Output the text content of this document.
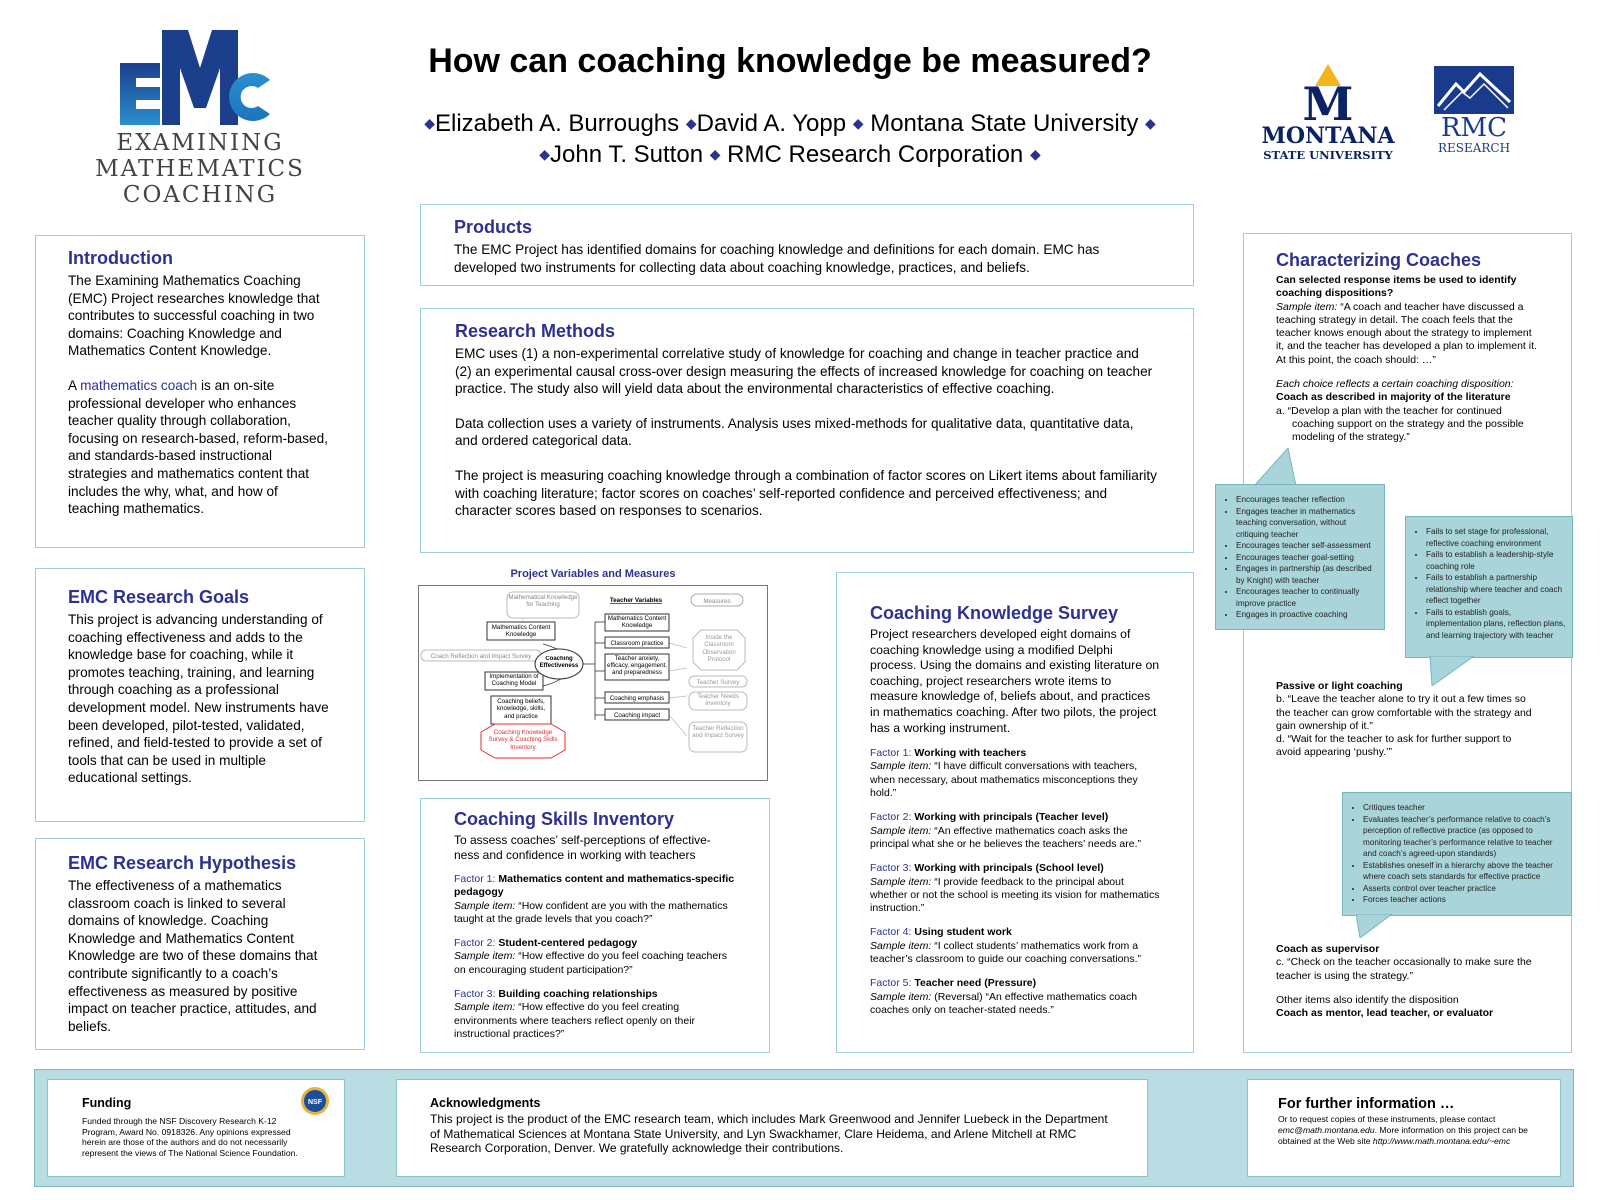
EXAMINING
MATHEMATICS
COACHING
How can coaching knowledge be measured?
◆Elizabeth A. Burroughs ◆David A. Yopp ◆ Montana State University ◆
◆John T. Sutton ◆ RMC Research Corporation ◆
M
MONTANA
STATE UNIVERSITY
RMC
RESEARCH
Introduction

The Examining Mathematics Coaching (EMC) Project researches knowledge that contributes to successful coaching in two domains: Coaching Knowledge and Mathematics Content Knowledge.

A mathematics coach is an on-site professional developer who enhances teacher quality through collaboration, focusing on research-based, reform-based, and standards-based instructional strategies and mathematics content that includes the why, what, and how of teaching mathematics.

EMC Research Goals

This project is advancing understanding of coaching effectiveness and adds to the knowledge base for coaching, while it promotes teaching, training, and learning through coaching as a professional development model. New instruments have been developed, pilot-tested, validated, refined, and field-tested to provide a set of tools that can be used in multiple educational settings.

EMC Research Hypothesis

The effectiveness of a mathematics classroom coach is linked to several domains of knowledge. Coaching Knowledge and Mathematics Content Knowledge are two of these domains that contribute significantly to a coach’s effectiveness as measured by positive impact on teacher practice, attitudes, and beliefs.

Products

The EMC Project has identified domains for coaching knowledge and definitions for each domain. EMC has developed two instruments for collecting data about coaching knowledge, practices, and beliefs.

Research Methods

EMC uses (1) a non-experimental correlative study of knowledge for coaching and change in teacher practice and (2) an experimental causal cross-over design measuring the effects of increased knowledge for coaching on teacher practice. The study also will yield data about the environmental characteristics of effective coaching.

Data collection uses a variety of instruments. Analysis uses mixed-methods for qualitative data, quantitative data, and ordered categorical data.

The project is measuring coaching knowledge through a combination of factor scores on Likert items about familiarity with coaching literature; factor scores on coaches’ self-reported confidence and perceived effectiveness; and character scores based on responses to scenarios.

Project Variables and Measures
Teacher Variables	Measures
Mathematical Knowledge for Teaching
Mathematics Content Knowledge
Coach Reflection and Impact Survey
Implementation of Coaching Model
Coaching Effectiveness
Coaching beliefs, knowledge, skills, and practice
Coaching Knowledge Survey & Coaching Skills Inventory
Mathematics Content Knowledge
Classroom practice
Teacher anxiety, efficacy, engagement, and preparedness
Coaching emphasis
Coaching impact
Inside the Classroom Observation Protocol
Teacher Survey
Teacher Needs Inventory
Teacher Reflection and Impact Survey
Coaching Skills Inventory

To assess coaches’ self-perceptions of effective-ness and confidence in working with teachers

Factor 1: Mathematics content and mathematics-specific pedagogy
Sample item: “How confident are you with the mathematics taught at the grade levels that you coach?”
Factor 2: Student-centered pedagogy
Sample item: “How effective do you feel coaching teachers on encouraging student participation?”
Factor 3: Building coaching relationships
Sample item: “How effective do you feel creating environments where teachers reflect openly on their instructional practices?”
Coaching Knowledge Survey

Project researchers developed eight domains of coaching knowledge using a modified Delphi process. Using the domains and existing literature on coaching, project researchers wrote items to measure knowledge of, beliefs about, and practices in mathematics coaching. After two pilots, the project has a working instrument.

Factor 1: Working with teachers
Sample item: “I have difficult conversations with teachers, when necessary, about mathematics misconceptions they hold.”
Factor 2: Working with principals (Teacher level)
Sample item: “An effective mathematics coach asks the principal what she or he believes the teachers’ needs are.”
Factor 3: Working with principals (School level)
Sample item: “I provide feedback to the principal about whether or not the school is meeting its vision for mathematics instruction.”
Factor 4: Using student work
Sample item: “I collect students’ mathematics work from a teacher’s classroom to guide our coaching conversations.”
Factor 5: Teacher need (Pressure)
Sample item: (Reversal) “An effective mathematics coach coaches only on teacher-stated needs.”
Characterizing Coaches

Can selected response items be used to identify coaching dispositions?

Sample item: “A coach and teacher have discussed a teaching strategy in detail. The coach feels that the teacher knows enough about the strategy to implement it, and the teacher has developed a plan to implement it. At this point, the coach should: …”

Each choice reflects a certain coaching disposition:

Coach as described in majority of the literature

a. “Develop a plan with the teacher for continued coaching support on the strategy and the possible modeling of the strategy.”

• Encourages teacher reflection
• Engages teacher in mathematics teaching conversation, without critiquing teacher
• Encourages teacher self-assessment
• Encourages teacher goal-setting
• Engages in partnership (as described by Knight) with teacher
• Encourages teacher to continually improve practice
• Engages in proactive coaching
• Fails to set stage for professional, reflective coaching environment
• Fails to establish a leadership-style coaching role
• Fails to establish a partnership relationship where teacher and coach reflect together
• Fails to establish goals, implementation plans, reflection plans, and learning trajectory with teacher

Passive or light coaching

b. “Leave the teacher alone to try it out a few times so the teacher can grow comfortable with the strategy and gain ownership of it.”

d. “Wait for the teacher to ask for further support to avoid appearing ‘pushy.’”

• Critiques teacher
• Evaluates teacher’s performance relative to coach’s perception of reflective practice (as opposed to monitoring teacher’s performance relative to teacher and coach’s agreed-upon standards)
• Establishes oneself in a hierarchy above the teacher where coach sets standards for effective practice
• Asserts control over teacher practice
• Forces teacher actions

Coach as supervisor

c. “Check on the teacher occasionally to make sure the teacher is using the strategy.”

Other items also identify the disposition

Coach as mentor, lead teacher, or evaluator

Funding

Funded through the NSF Discovery Research K-12 Program, Award No. 0918326. Any opinions expressed herein are those of the authors and do not necessarily represent the views of The National Science Foundation.

NSF	Acknowledgments

This project is the product of the EMC research team, which includes Mark Greenwood and Jennifer Luebeck in the Department of Mathematical Sciences at Montana State University, and Lyn Swackhamer, Clare Heidema, and Arlene Mitchell at RMC Research Corporation, Denver. We gratefully acknowledge their contributions.

For further information …

Or to request copies of these instruments, please contact emc@math.montana.edu. More information on this project can be obtained at the Web site http://www.math.montana.edu/~emc
